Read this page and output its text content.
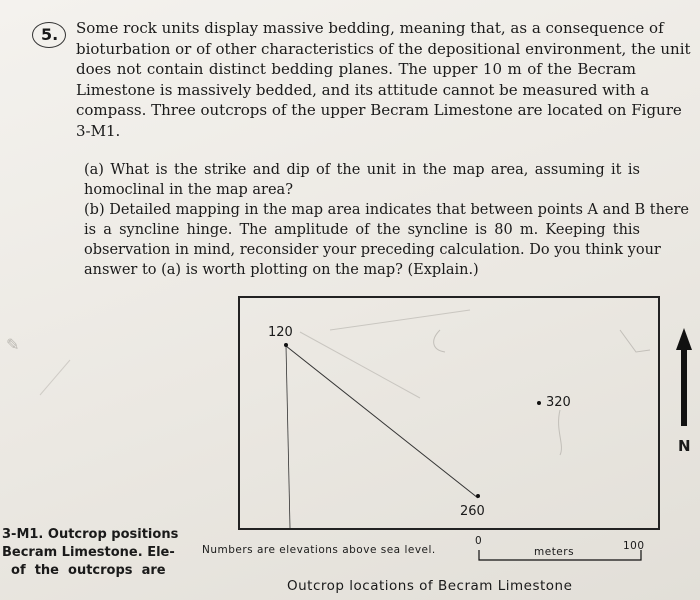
5. Some rock units display massive bedding, meaning that, as a consequence of
bioturbation or of other characteristics of the depositional environment, the unit
does not contain distinct bedding planes. The upper 10 m of the Becram
Limestone is massively bedded, and its attitude cannot be measured with a
compass. Three outcrops of the upper Becram Limestone are located on Figure
3-M1.
(a) What is the strike and dip of the unit in the map area, assuming it is
homoclinal in the map area?
(b) Detailed mapping in the map area indicates that between points A and B there
is a syncline hinge. The amplitude of the syncline is 80 m. Keeping this
observation in mind, reconsider your preceding calculation. Do you think your
answer to (a) is worth plotting on the map? (Explain.)
✎
120
320
260
N
3-M1. Outcrop positions
Becram Limestone. Ele-
of  the  outcrops  are
Numbers are elevations above sea level.
0
meters	100
Outcrop locations of Becram Limestone
